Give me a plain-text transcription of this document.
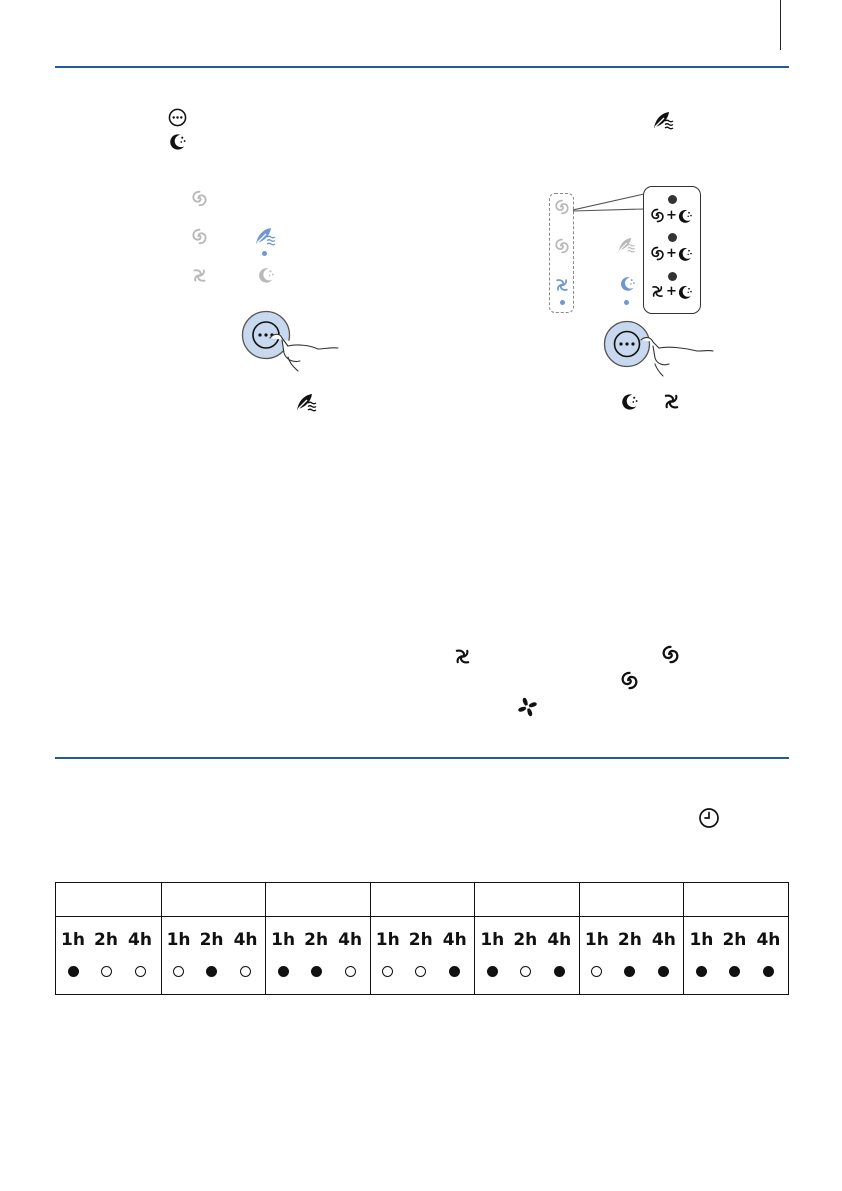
+
+
+
1h 2h 4h 1h 2h 4h 1h 2h 4h 1h 2h 4h 1h 2h 4h 1h 2h 4h 1h 2h 4h
